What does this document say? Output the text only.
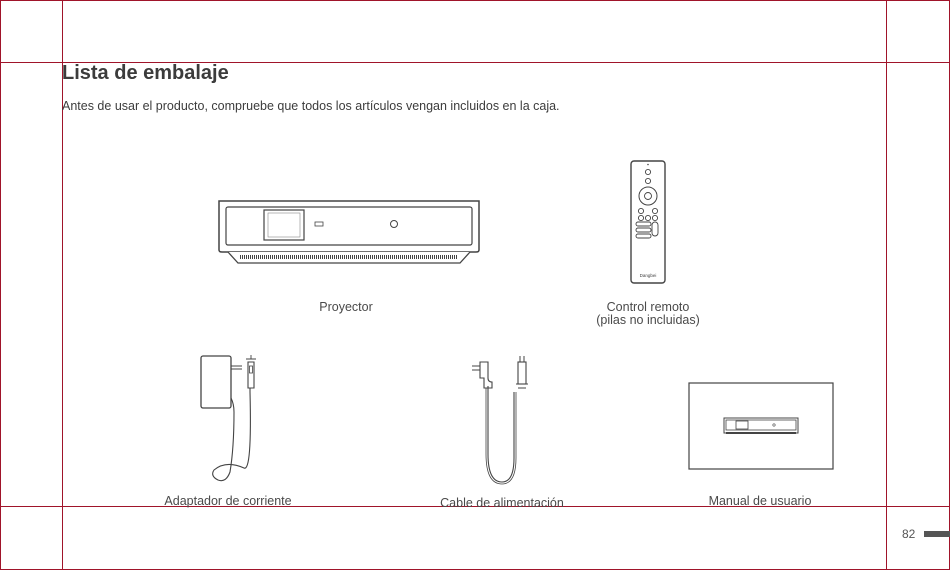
Lista de embalaje

Antes de usar el producto, compruebe que todos los artículos vengan incluidos en la caja.

Proyector
Dangbei
Control remoto
(pilas no incluidas)
Adaptador de corriente	Cable de alimentación	Manual de usuario
82
